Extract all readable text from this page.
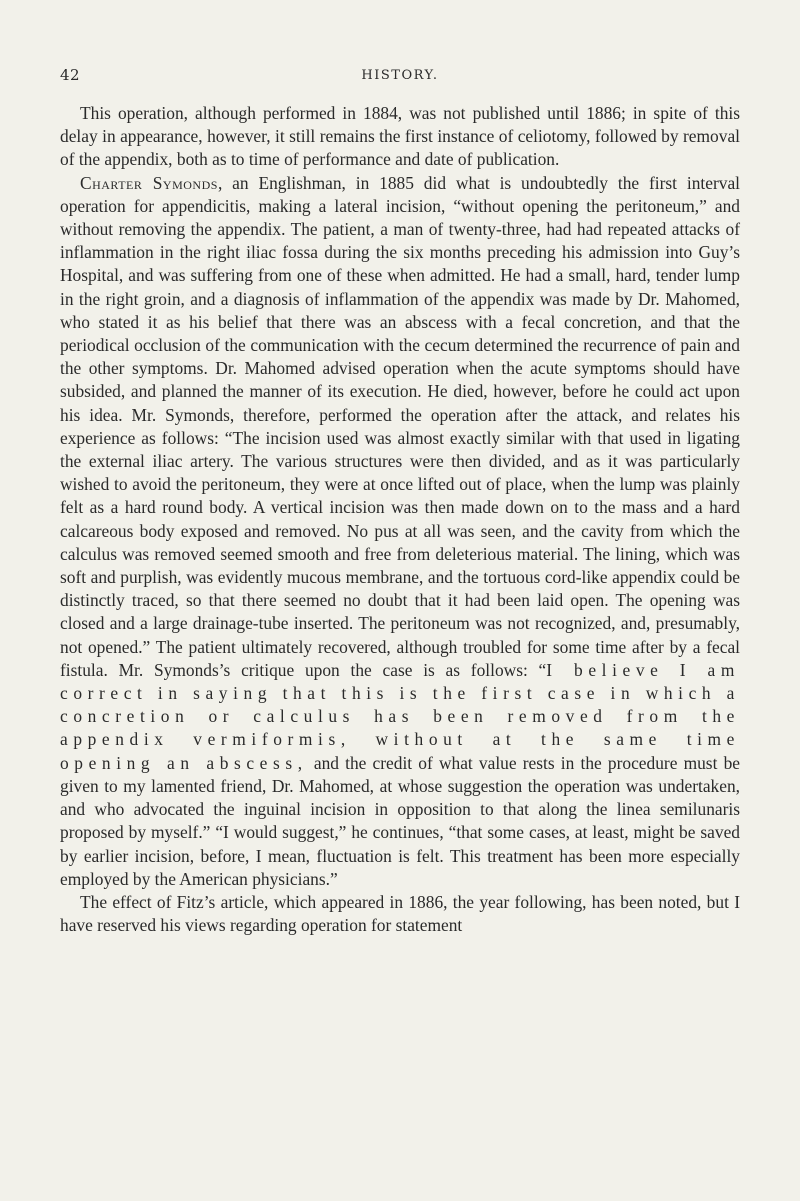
42	HISTORY.

This operation, although performed in 1884, was not published until 1886; in spite of this delay in appearance, however, it still remains the first instance of celiotomy, followed by removal of the appendix, both as to time of performance and date of publication.

Charter Symonds, an Englishman, in 1885 did what is undoubtedly the first interval operation for appendicitis, making a lateral incision, “without opening the peritoneum,” and without removing the appendix. The patient, a man of twenty-three, had had repeated attacks of inflammation in the right iliac fossa during the six months preceding his admission into Guy’s Hospital, and was suffering from one of these when admitted. He had a small, hard, tender lump in the right groin, and a diagnosis of inflammation of the appendix was made by Dr. Mahomed, who stated it as his belief that there was an abscess with a fecal concretion, and that the periodical occlusion of the communication with the cecum determined the recurrence of pain and the other symptoms. Dr. Mahomed advised operation when the acute symptoms should have subsided, and planned the manner of its execution. He died, however, before he could act upon his idea. Mr. Symonds, therefore, performed the operation after the attack, and relates his experience as follows: “The incision used was almost exactly similar with that used in ligating the external iliac artery. The various structures were then divided, and as it was particularly wished to avoid the peritoneum, they were at once lifted out of place, when the lump was plainly felt as a hard round body. A vertical incision was then made down on to the mass and a hard calcareous body exposed and removed. No pus at all was seen, and the cavity from which the calculus was removed seemed smooth and free from deleterious material. The lining, which was soft and purplish, was evidently mucous membrane, and the tortuous cord-like appendix could be distinctly traced, so that there seemed no doubt that it had been laid open. The opening was closed and a large drainage-tube inserted. The peritoneum was not recognized, and, presumably, not opened.” The patient ultimately recovered, although troubled for some time after by a fecal fistula. Mr. Symonds’s critique upon the case is as follows: “I believe I am correct in saying that this is the first case in which a concretion or calculus has been removed from the appendix vermiformis, without at the same time opening an abscess, and the credit of what value rests in the procedure must be given to my lamented friend, Dr. Mahomed, at whose suggestion the operation was undertaken, and who advocated the inguinal incision in opposition to that along the linea semilunaris proposed by myself.” “I would suggest,” he continues, “that some cases, at least, might be saved by earlier incision, before, I mean, fluctuation is felt. This treatment has been more especially employed by the American physicians.”

The effect of Fitz’s article, which appeared in 1886, the year following, has been noted, but I have reserved his views regarding operation for statement
